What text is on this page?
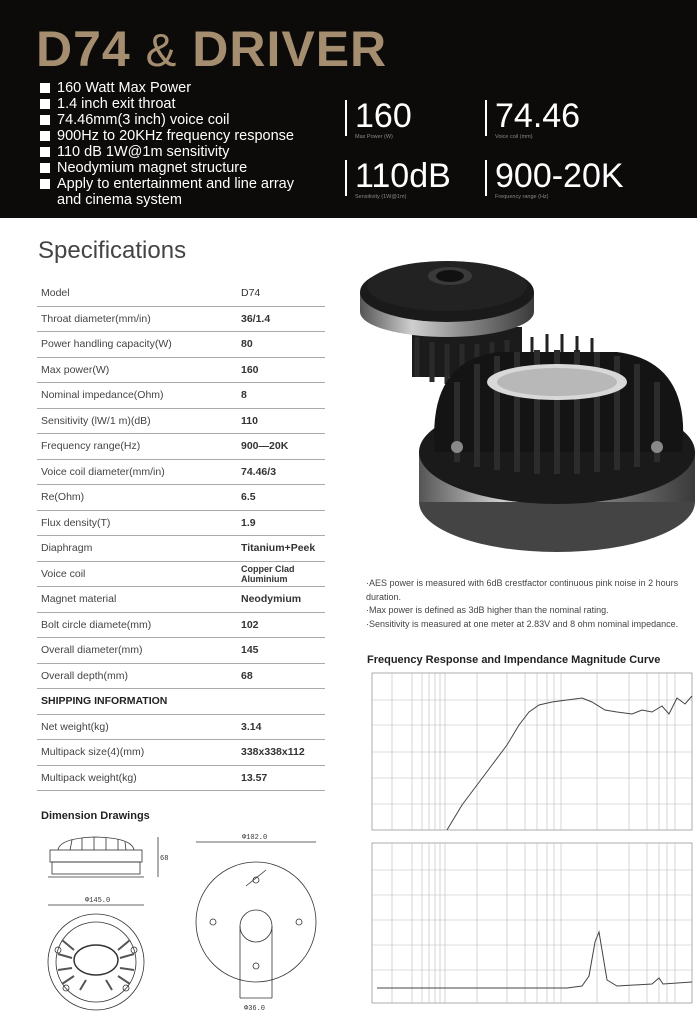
D74 & DRIVER
160 Watt Max Power
1.4 inch exit throat
74.46mm(3 inch) voice coil
900Hz to 20KHz frequency response
110 dB 1W@1m sensitivity
Neodymium magnet structure
Apply to entertainment and line array
and cinema system
160
Max Power (W)
74.46
Voice coil (mm)
110dB
Sensitivity (1W@1m)
900-20K
Frequency range (Hz)
Specifications
Model	D74
Throat diameter(mm/in)	36/1.4
Power handling capacity(W)	80
Max power(W)	160
Nominal impedance(Ohm)	8
Sensitivity (lW/1 m)(dB)	110
Frequency range(Hz)	900—20K
Voice coil diameter(mm/in)	74.46/3
Re(Ohm)	6.5
Flux density(T)	1.9
Diaphragm	Titanium+Peek
Voice coil	Copper Clad
Aluminium

Magnet material	Neodymium
Bolt circle diamete(mm)	102
Overall diameter(mm)	145
Overall depth(mm)	68
SHIPPING INFORMATION	
Net weight(kg)	3.14
Multipack size(4)(mm)	338x338x112
Multipack weight(kg)	13.57

·AES power is measured with 6dB crestfactor continuous pink noise in 2 hours

duration.

·Max power is defined as 3dB higher than the nominal rating.

·Sensitivity is measured at one meter at 2.83V and 8 ohm nominal impedance.

Frequency Response and Impendance Magnitude Curve
Dimension Drawings
68
Φ145.0
Φ102.0
Φ36.0
